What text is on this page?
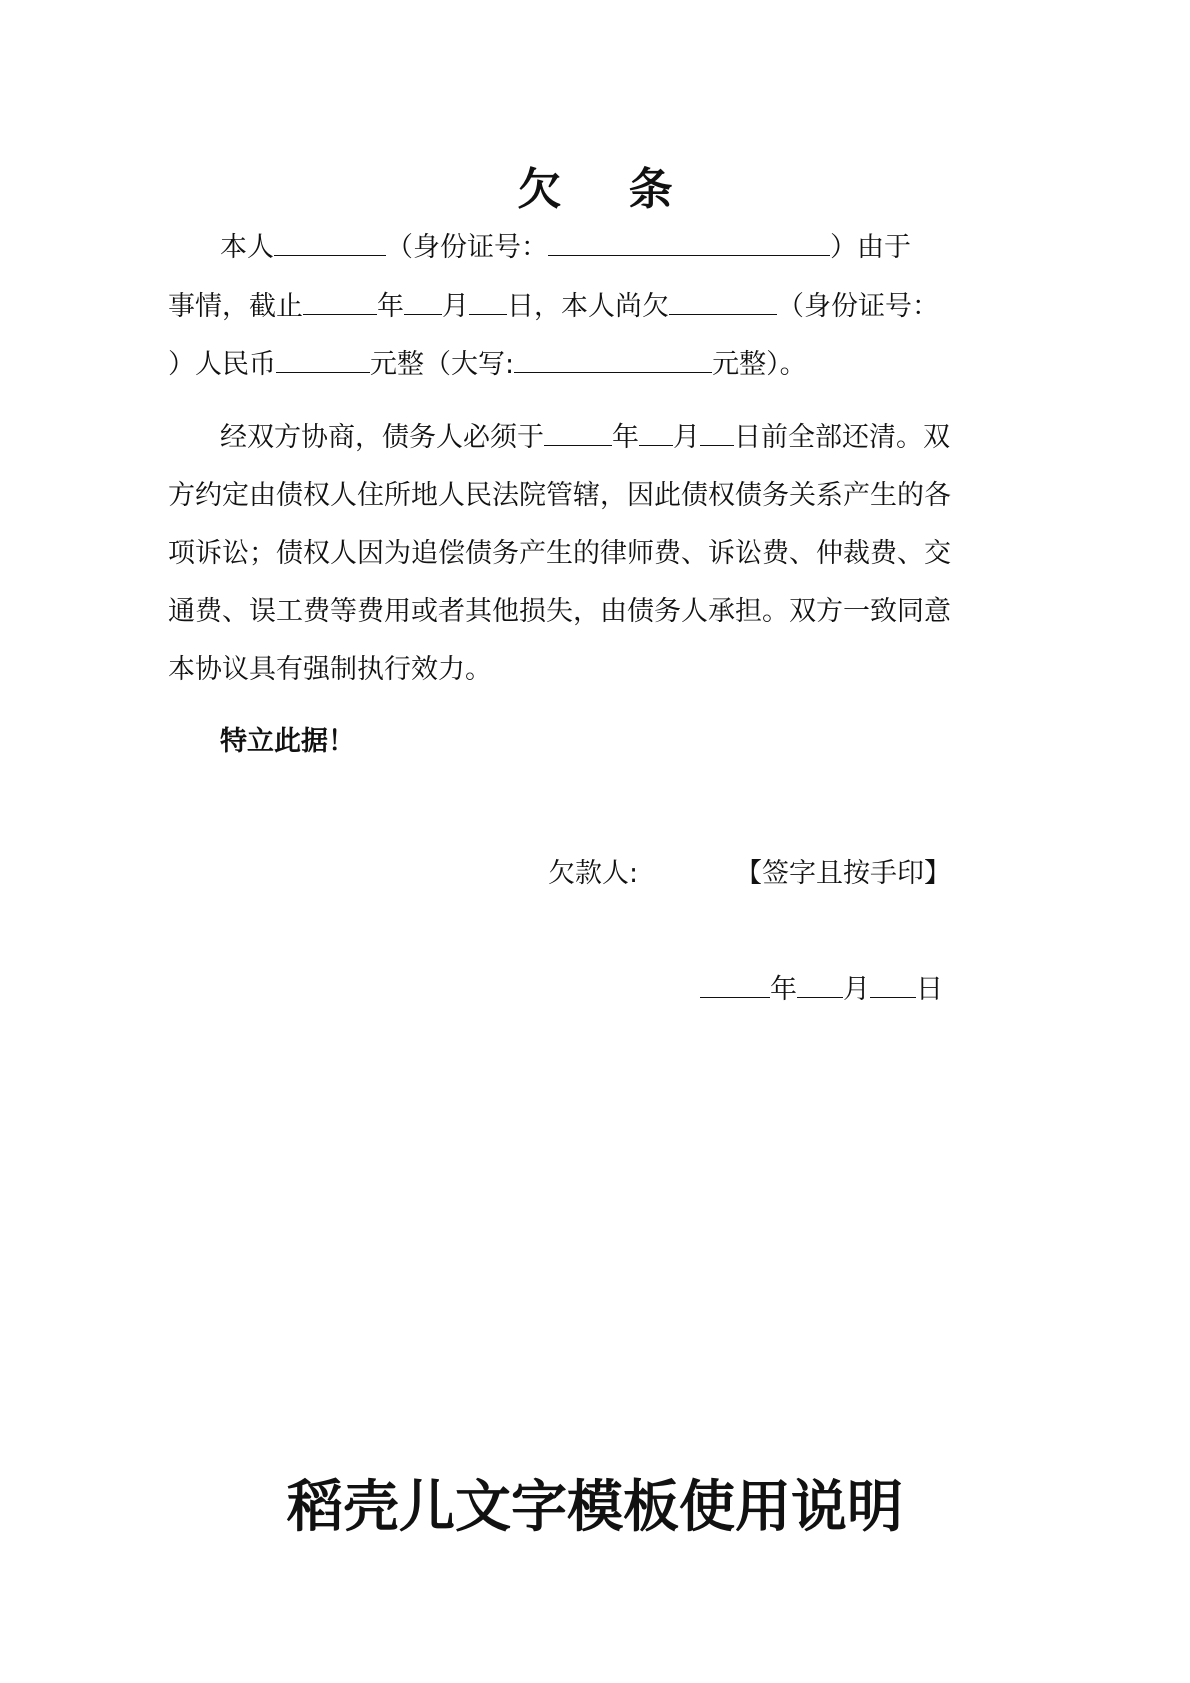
欠 条
本人	（身份证号：	）由于
事情，截止	年 月 日，本人尚欠	（身份证号：
）人民币	元整（大写:	元整）。
经双方协商，债务人必须于	年 月 日前全部还清。双
方约定由债权人住所地人民法院管辖，因此债权债务关系产生的各
项诉讼；债权人因为追偿债务产生的律师费、诉讼费、仲裁费、交
通费、误工费等费用或者其他损失，由债务人承担。双方一致同意
本协议具有强制执行效力。
特立此据！
欠款人:	【签字且按手印】
年 月 日
稻壳儿文字模板使用说明
